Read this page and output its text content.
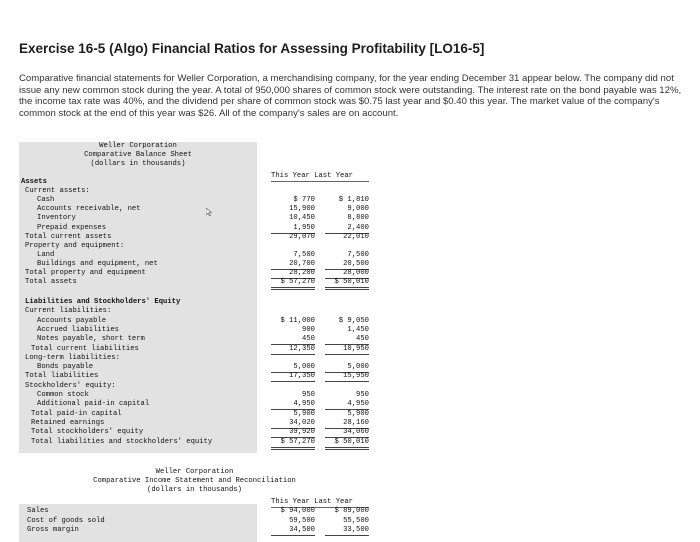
Exercise 16-5 (Algo) Financial Ratios for Assessing Profitability [LO16-5]

Comparative financial statements for Weller Corporation, a merchandising company, for the year ending December 31 appear below. The company did not issue any new common stock during the year. A total of 950,000 shares of common stock were outstanding. The interest rate on the bond payable was 12%, the income tax rate was 40%, and the dividend per share of common stock was $0.75 last year and $0.40 this year. The market value of the company's common stock at the end of this year was $26. All of the company's sales are on account.

Weller Corporation
Comparative Balance Sheet
(dollars in thousands)
This Year Last Year
Assets
Current assets:
Cash	$ 770	$ 1,810
Accounts receivable, net	15,900	9,000
Inventory	10,450	8,800
Prepaid expenses	1,950	2,400
Total current assets	29,070	22,010
Property and equipment:
Land	7,500	7,500
Buildings and equipment, net	20,700	20,500
Total property and equipment	28,200	28,000
Total assets	$ 57,270	$ 50,010
Liabilities and Stockholders' Equity
Current liabilities:
Accounts payable	$ 11,000	$ 9,050
Accrued liabilities	900	1,450
Notes payable, short term	450	450
Total current liabilities	12,350	10,950
Long-term liabilities:
Bonds payable	5,000	5,000
Total liabilities	17,350	15,950
Stockholders' equity:
Common stock	950	950
Additional paid-in capital	4,950	4,950
Total paid-in capital	5,900	5,900
Retained earnings	34,020	28,160
Total stockholders' equity	39,920	34,060
Total liabilities and stockholders' equity	$ 57,270	$ 50,010
Weller Corporation
Comparative Income Statement and Reconciliation
(dollars in thousands)
This Year Last Year
Sales	$ 94,000	$ 89,000
Cost of goods sold	59,500	55,500
Gross margin	34,500	33,500
